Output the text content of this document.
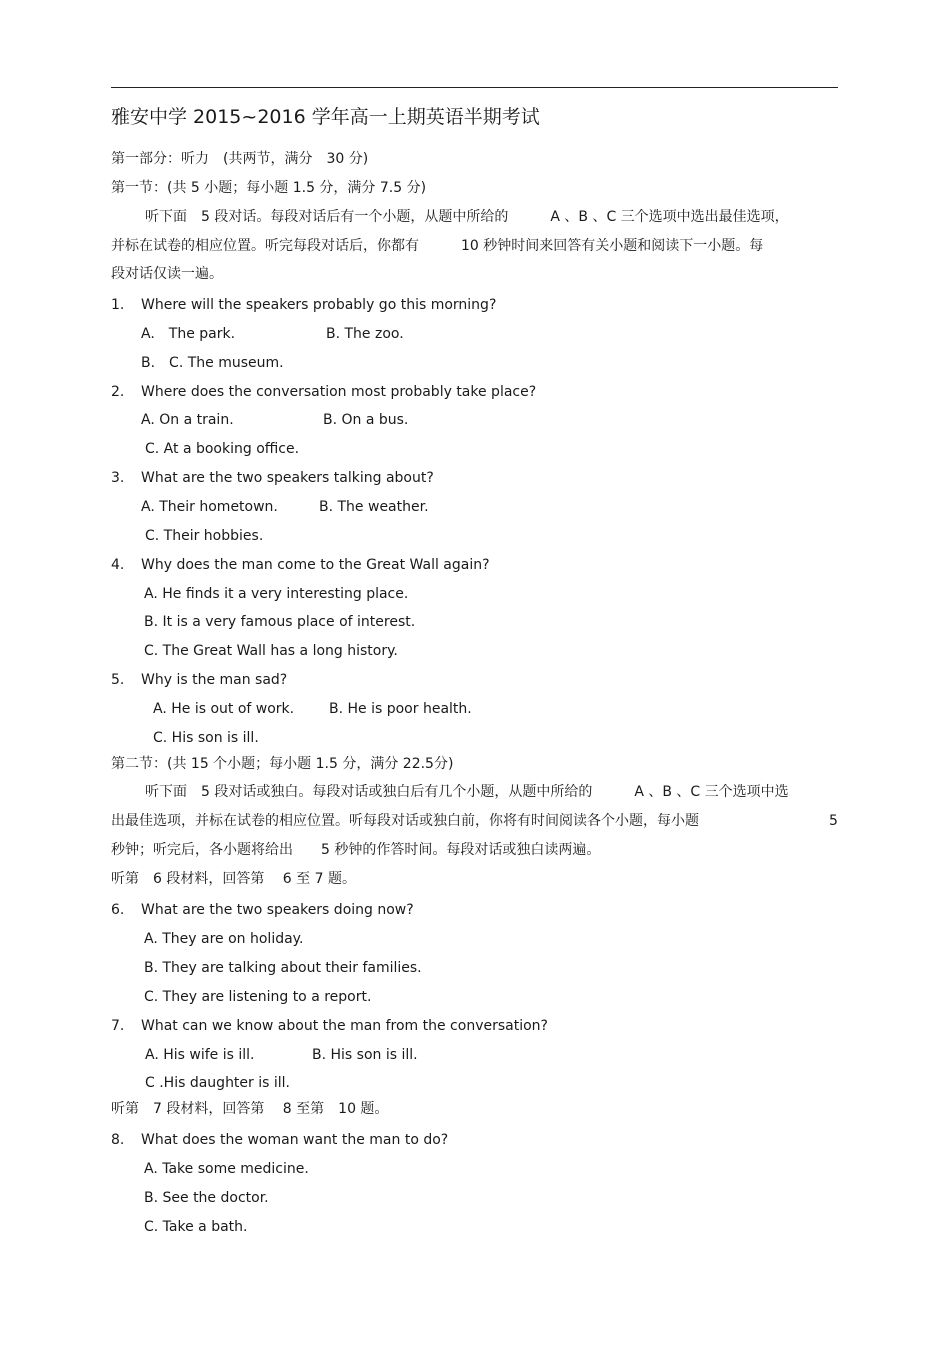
雅安中学 2015~2016 学年高一上期英语半期考试
第一部分：听力　(共两节，满分　30 分)
第一节：(共 5 小题；每小题 1.5 分，满分 7.5 分)
听下面　5 段对话。每段对话后有一个小题，从题中所给的　　　A 、B 、C 三个选项中选出最佳选项，
并标在试卷的相应位置。听完每段对话后，你都有　　　10 秒钟时间来回答有关小题和阅读下一小题。每
段对话仅读一遍。
1. Where will the speakers probably go this morning?
A.　The park.	B. The zoo.
B.　C. The museum.
2. Where does the conversation most probably take place?
A. On a train.	B. On a bus.
C. At a booking office.
3. What are the two speakers talking about?
A. Their hometown.	B. The weather.
C. Their hobbies.
4. Why does the man come to the Great Wall again?
A. He finds it a very interesting place.
B. It is a very famous place of interest.
C. The Great Wall has a long history.
5. Why is the man sad?
A. He is out of work. B. He is poor health.
C. His son is ill.
第二节：(共 15 个小题；每小题 1.5 分，满分 22.5分)
听下面　5 段对话或独白。每段对话或独白后有几个小题，从题中所给的　　　A 、B 、C 三个选项中选
出最佳选项，并标在试卷的相应位置。听每段对话或独白前，你将有时间阅读各个小题，每小题	5
秒钟；听完后，各小题将给出　　5 秒钟的作答时间。每段对话或独白读两遍。
听第　6 段材料，回答第　 6 至 7 题。
6. What are the two speakers doing now?
A. They are on holiday.
B. They are talking about their families.
C. They are listening to a report.
7. What can we know about the man from the conversation?
A. His wife is ill.	B. His son is ill.
C .His daughter is ill.
听第　7 段材料，回答第　 8 至第　10 题。
8. What does the woman want the man to do?
A. Take some medicine.
B. See the doctor.
C. Take a bath.
